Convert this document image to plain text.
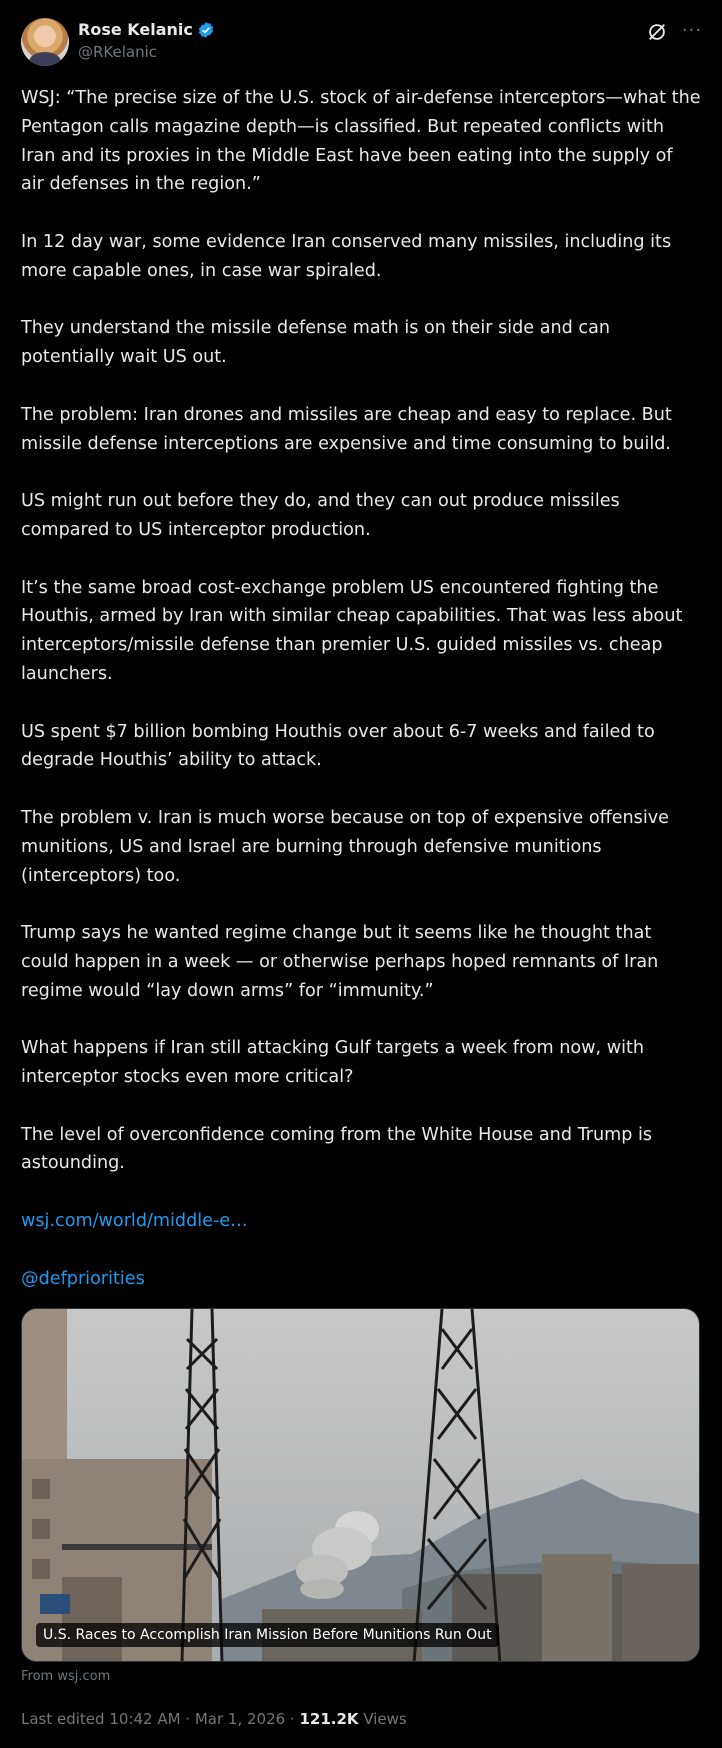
Rose Kelanic
@RKelanic
···

WSJ: “The precise size of the U.S. stock of air-defense interceptors—what the Pentagon calls magazine depth—is classified. But repeated conflicts with Iran and its proxies in the Middle East have been eating into the supply of air defenses in the region.”

In 12 day war, some evidence Iran conserved many missiles, including its more capable ones, in case war spiraled.

They understand the missile defense math is on their side and can potentially wait US out.

The problem: Iran drones and missiles are cheap and easy to replace. But missile defense interceptions are expensive and time consuming to build.

US might run out before they do, and they can out produce missiles compared to US interceptor production.

It’s the same broad cost-exchange problem US encountered fighting the Houthis, armed by Iran with similar cheap capabilities. That was less about interceptors/missile defense than premier U.S. guided missiles vs. cheap launchers.

US spent $7 billion bombing Houthis over about 6-7 weeks and failed to degrade Houthis’ ability to attack.

The problem v. Iran is much worse because on top of expensive offensive munitions, US and Israel are burning through defensive munitions (interceptors) too.

Trump says he wanted regime change but it seems like he thought that could happen in a week — or otherwise perhaps hoped remnants of Iran regime would “lay down arms” for “immunity.”

What happens if Iran still attacking Gulf targets a week from now, with interceptor stocks even more critical?

The level of overconfidence coming from the White House and Trump is astounding.

wsj.com/world/middle-e…

@defpriorities

U.S. Races to Accomplish Iran Mission Before Munitions Run Out
From wsj.com
Last edited 10:42 AM · Mar 1, 2026 · 121.2K Views
